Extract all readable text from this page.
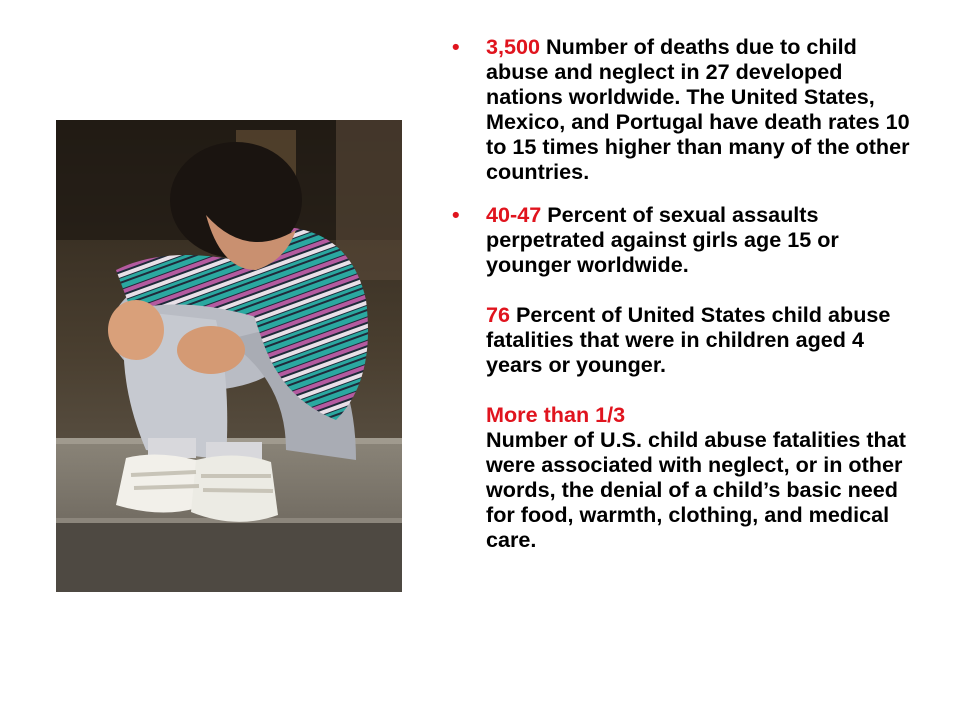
• 3,500 Number of deaths due to child abuse and neglect in 27 developed nations worldwide. The United States, Mexico, and Portugal have death rates 10 to 15 times higher than many of the other countries.
• 40-47 Percent of sexual assaults perpetrated against girls age 15 or younger worldwide.
76 Percent of United States child abuse fatalities that were in children aged 4 years or younger.
More than 1/3
Number of U.S. child abuse fatalities that were associated with neglect, or in other words, the denial of a child’s basic need for food, warmth, clothing, and medical care.
